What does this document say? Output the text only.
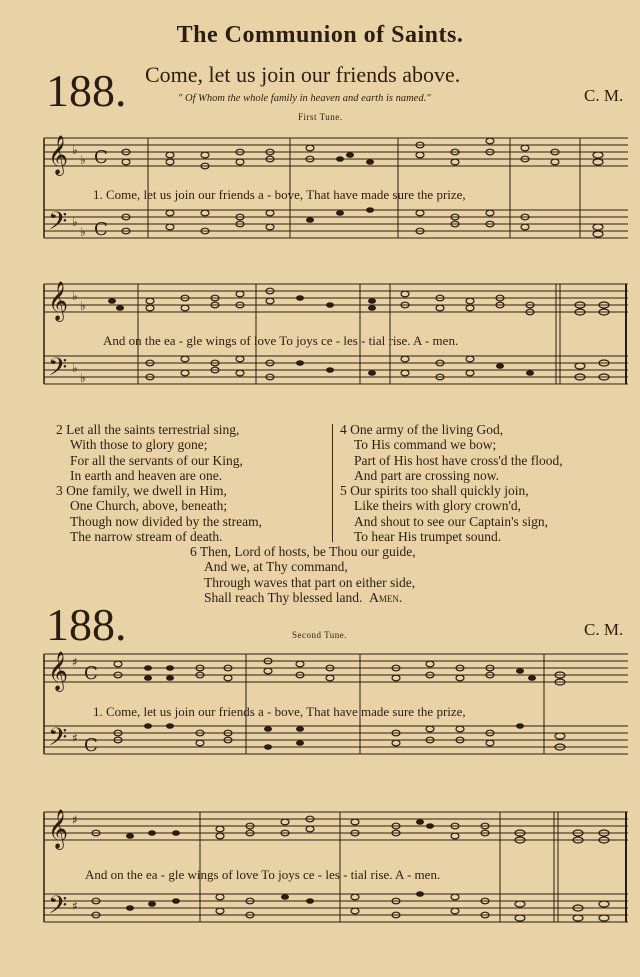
The Communion of Saints.
188. Come, let us join our friends above.
" Of Whom the whole family in heaven and earth is named."	C. M.
First Tune.
𝄞
𝄢
♭
♭
♭
♭
C
C
1. Come, let us join our friends a - bove, That have made sure the prize,
𝄞
𝄢
♭
♭
♭
♭
And on the ea - gle wings of love To joys ce - les - tial rise. A - men.
2 Let all the saints terrestrial sing,
With those to glory gone;
For all the servants of our King,
In earth and heaven are one.
3 One family, we dwell in Him,
One Church, above, beneath;
Though now divided by the stream,
The narrow stream of death.
4 One army of the living God,
To His command we bow;
Part of His host have cross'd the flood,
And part are crossing now.
5 Our spirits too shall quickly join,
Like theirs with glory crown'd,
And shout to see our Captain's sign,
To hear His trumpet sound.
6 Then, Lord of hosts, be Thou our guide,
And we, at Thy command,
Through waves that part on either side,
Shall reach Thy blessed land. Amen.
188.	Second Tune.	C. M.
𝄞
𝄢
♯
♯
C
C
1. Come, let us join our friends a - bove, That have made sure the prize,
𝄞
𝄢
♯
♯
And on the ea - gle wings of love To joys ce - les - tial rise. A - men.
